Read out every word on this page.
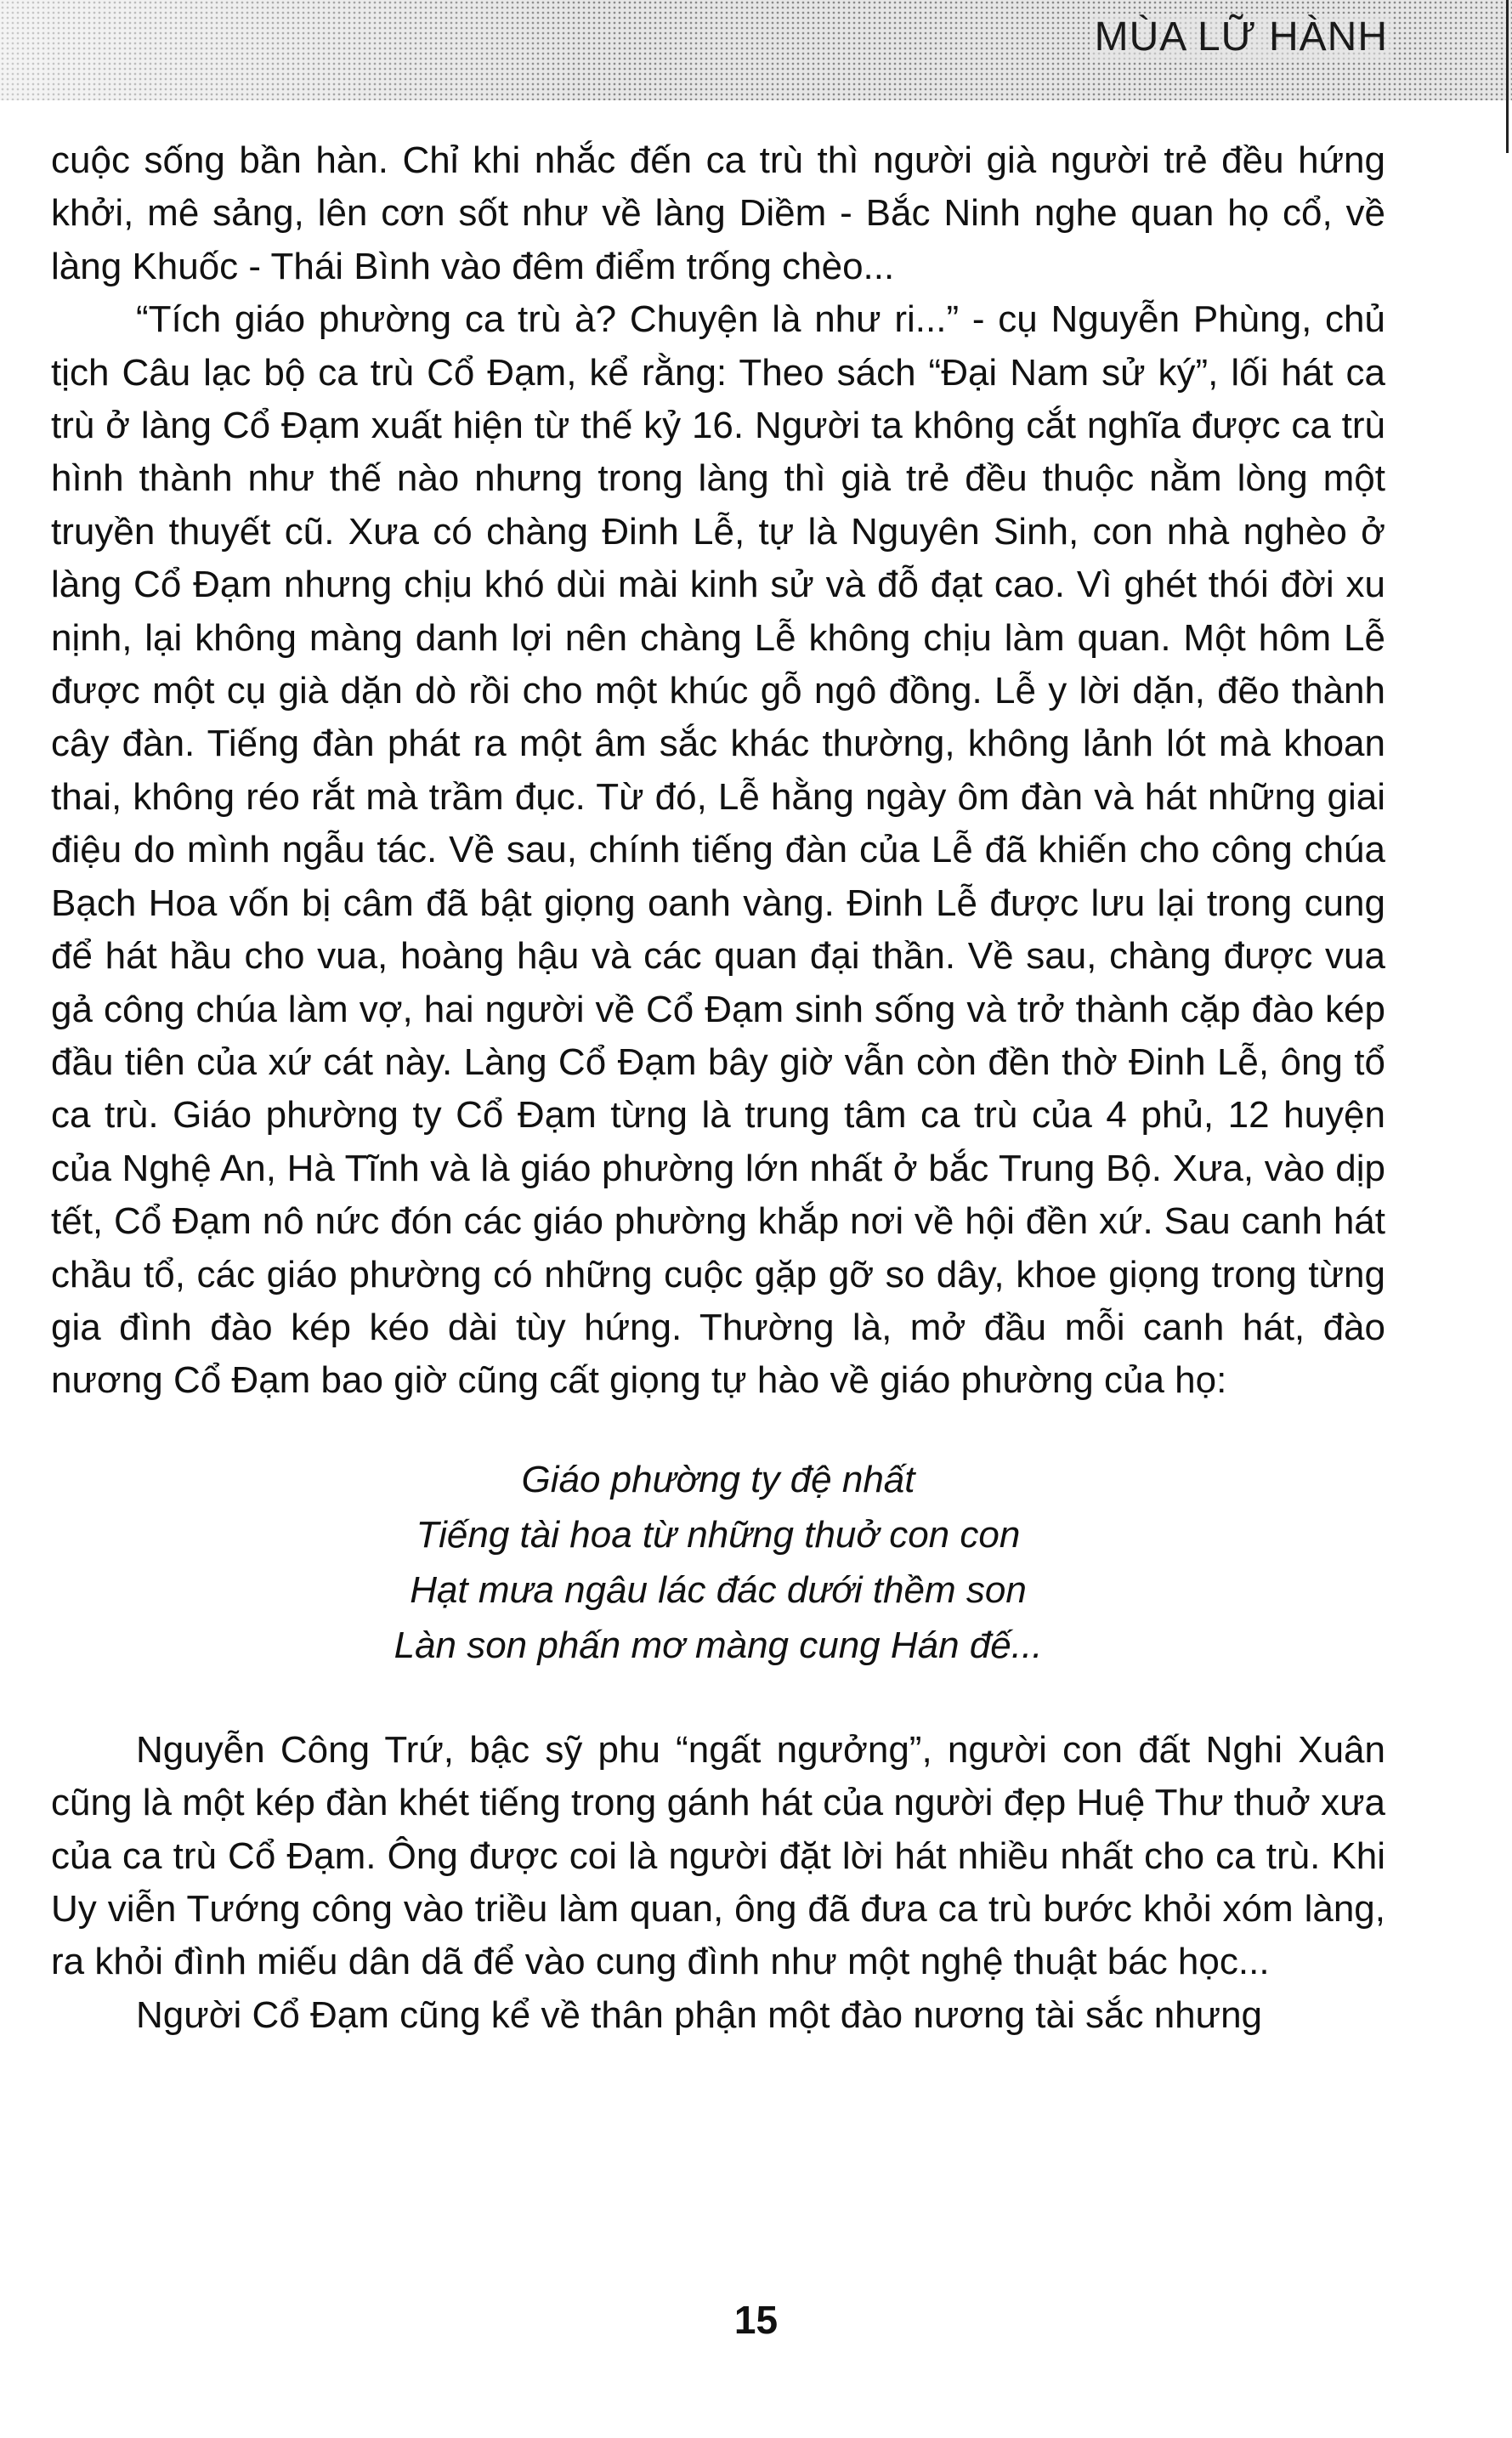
MÙA LỮ HÀNH

cuộc sống bần hàn. Chỉ khi nhắc đến ca trù thì người già người trẻ đều hứng khởi, mê sảng, lên cơn sốt như về làng Diềm - Bắc Ninh nghe quan họ cổ, về làng Khuốc - Thái Bình vào đêm điểm trống chèo...

“Tích giáo phường ca trù à? Chuyện là như ri...” - cụ Nguyễn Phùng, chủ tịch Câu lạc bộ ca trù Cổ Đạm, kể rằng: Theo sách “Đại Nam sử ký”, lối hát ca trù ở làng Cổ Đạm xuất hiện từ thế kỷ 16. Người ta không cắt nghĩa được ca trù hình thành như thế nào nhưng trong làng thì già trẻ đều thuộc nằm lòng một truyền thuyết cũ. Xưa có chàng Đinh Lễ, tự là Nguyên Sinh, con nhà nghèo ở làng Cổ Đạm nhưng chịu khó dùi mài kinh sử và đỗ đạt cao. Vì ghét thói đời xu nịnh, lại không màng danh lợi nên chàng Lễ không chịu làm quan. Một hôm Lễ được một cụ già dặn dò rồi cho một khúc gỗ ngô đồng. Lễ y lời dặn, đẽo thành cây đàn. Tiếng đàn phát ra một âm sắc khác thường, không lảnh lót mà khoan thai, không réo rắt mà trầm đục. Từ đó, Lễ hằng ngày ôm đàn và hát những giai điệu do mình ngẫu tác. Về sau, chính tiếng đàn của Lễ đã khiến cho công chúa Bạch Hoa vốn bị câm đã bật giọng oanh vàng. Đinh Lễ được lưu lại trong cung để hát hầu cho vua, hoàng hậu và các quan đại thần. Về sau, chàng được vua gả công chúa làm vợ, hai người về Cổ Đạm sinh sống và trở thành cặp đào kép đầu tiên của xứ cát này. Làng Cổ Đạm bây giờ vẫn còn đền thờ Đinh Lễ, ông tổ ca trù. Giáo phường ty Cổ Đạm từng là trung tâm ca trù của 4 phủ, 12 huyện của Nghệ An, Hà Tĩnh và là giáo phường lớn nhất ở bắc Trung Bộ. Xưa, vào dịp tết, Cổ Đạm nô nức đón các giáo phường khắp nơi về hội đền xứ. Sau canh hát chầu tổ, các giáo phường có những cuộc gặp gỡ so dây, khoe giọng trong từng gia đình đào kép kéo dài tùy hứng. Thường là, mở đầu mỗi canh hát, đào nương Cổ Đạm bao giờ cũng cất giọng tự hào về giáo phường của họ:

Giáo phường ty đệ nhất
Tiếng tài hoa từ những thuở con con
Hạt mưa ngâu lác đác dưới thềm son
Làn son phấn mơ màng cung Hán đế...

Nguyễn Công Trứ, bậc sỹ phu “ngất ngưởng”, người con đất Nghi Xuân cũng là một kép đàn khét tiếng trong gánh hát của người đẹp Huệ Thư thuở xưa của ca trù Cổ Đạm. Ông được coi là người đặt lời hát nhiều nhất cho ca trù. Khi Uy viễn Tướng công vào triều làm quan, ông đã đưa ca trù bước khỏi xóm làng, ra khỏi đình miếu dân dã để vào cung đình như một nghệ thuật bác học...

Người Cổ Đạm cũng kể về thân phận một đào nương tài sắc nhưng

15
